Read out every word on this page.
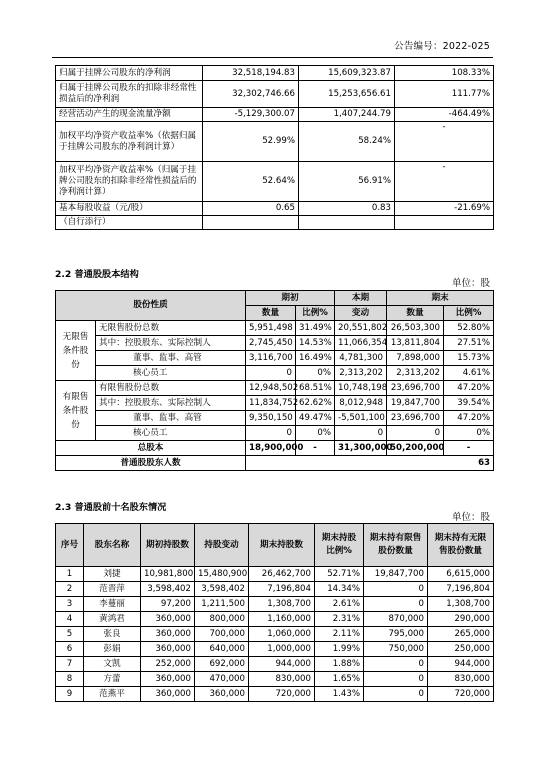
公告编号：2022-025
归属于挂牌公司股东的净利润	32,518,194.83	15,609,323.87	108.33%
归属于挂牌公司股东的扣除非经常性损益后的净利润	32,302,746.66	15,253,656.61	111.77%
经营活动产生的现金流量净额	-5,129,300.07	1,407,244.79	-464.49%
加权平均净资产收益率%（依据归属于挂牌公司股东的净利润计算）	52.99%	58.24%	-
加权平均净资产收益率%（归属于挂牌公司股东的扣除非经常性损益后的净利润计算）	52.64%	56.91%	-
基本每股收益（元/股）	0.65	0.83	-21.69%
（自行添行）			
2.2 普通股股本结构
单位：股
股份性质		期初		本期	期末	
		数量	比例%	变动	数量	比例%
无限售条件股份	无限售股份总数	5,951,498	31.49%	20,551,802	26,503,300	52.80%
	其中：控股股东、实际控制人	2,745,450	14.53%	11,066,354	13,811,804	27.51%
	董事、监事、高管	3,116,700	16.49%	4,781,300	7,898,000	15.73%
	核心员工	0	0%	2,313,202	2,313,202	4.61%
有限售条件股份	有限售股份总数	12,948,502	68.51%	10,748,198	23,696,700	47.20%
	其中：控股股东、实际控制人	11,834,752	62.62%	8,012,948	19,847,700	39.54%
	董事、监事、高管	9,350,150	49.47%	-5,501,100	23,696,700	47.20%
	核心员工	0	0%	0	0	0%
总股本		18,900,000	-	31,300,000	50,200,000	-
普通股股东人数		63				
2.3 普通股前十名股东情况
单位：股
序号	股东名称	期初持股数	持股变动	期末持股数	期末持股比例%	期末持有限售股份数量	期末持有无限售股份数量
1	刘捷	10,981,800	15,480,900	26,462,700	52.71%	19,847,700	6,615,000
2	范晋萍	3,598,402	3,598,402	7,196,804	14.34%	0	7,196,804
3	李蔓丽	97,200	1,211,500	1,308,700	2.61%	0	1,308,700
4	黄鸿君	360,000	800,000	1,160,000	2.31%	870,000	290,000
5	张良	360,000	700,000	1,060,000	2.11%	795,000	265,000
6	彭娟	360,000	640,000	1,000,000	1.99%	750,000	250,000
7	文凯	252,000	692,000	944,000	1.88%	0	944,000
8	方蕾	360,000	470,000	830,000	1.65%	0	830,000
9	范燕平	360,000	360,000	720,000	1.43%	0	720,000
